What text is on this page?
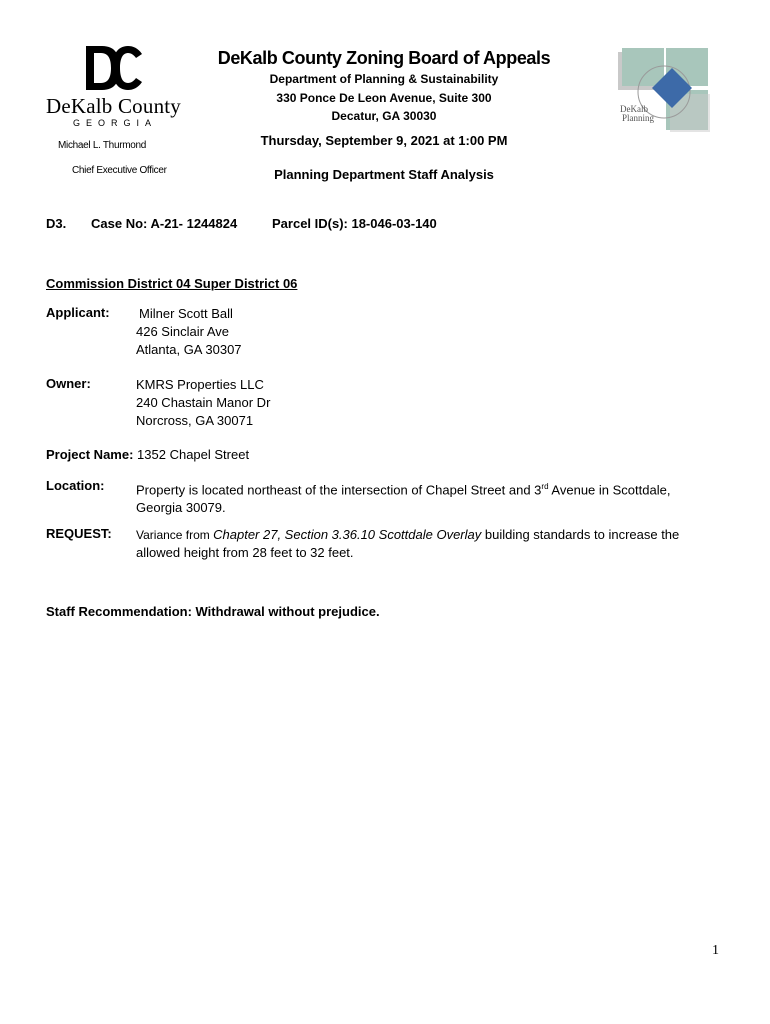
DeKalb County
GEORGIA
Michael L. Thurmond
Chief Executive Officer
DeKalb County Zoning Board of Appeals
Department of Planning & Sustainability
330 Ponce De Leon Avenue, Suite 300
Decatur, GA 30030
Thursday, September 9, 2021 at 1:00 PM
Planning Department Staff Analysis
DeKalb
Planning
D3. Case No: A-21- 1244824	Parcel ID(s): 18-046-03-140
Commission District 04 Super District 06
Applicant: Milner Scott Ball
426 Sinclair Ave
Atlanta, GA 30307
Owner:	KMRS Properties LLC
240 Chastain Manor Dr
Norcross, GA 30071
Project Name: 1352 Chapel Street
Location: Property is located northeast of the intersection of Chapel Street and 3rd Avenue in Scottdale, Georgia 30079.
REQUEST: Variance from Chapter 27, Section 3.36.10 Scottdale Overlay building standards to increase the allowed height from 28 feet to 32 feet.
Staff Recommendation: Withdrawal without prejudice.
1
